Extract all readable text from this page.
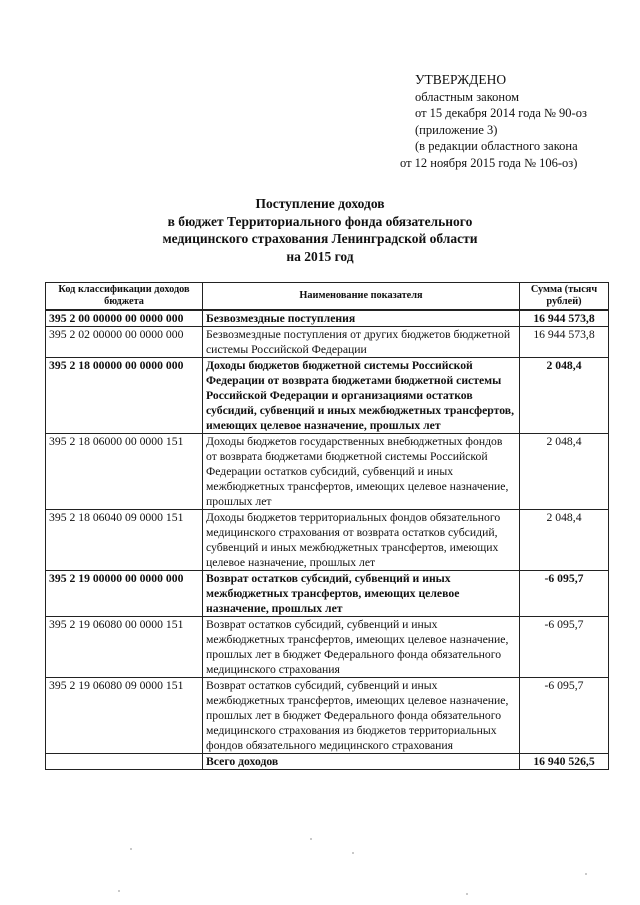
УТВЕРЖДЕНО
областным законом
от 15 декабря 2014 года № 90-оз
(приложение 3)
(в редакции областного закона
от 12 ноября 2015 года № 106-оз)
Поступление доходов
в бюджет Территориального фонда обязательного
медицинского страхования Ленинградской области
на 2015 год
Код классификации доходов бюджета	Наименование показателя	Сумма (тысяч рублей)
395 2 00 00000 00 0000 000	Безвозмездные поступления	16 944 573,8
395 2 02 00000 00 0000 000	Безвозмездные поступления от других бюджетов бюджетной системы Российской Федерации	16 944 573,8
395 2 18 00000 00 0000 000	Доходы бюджетов бюджетной системы Российской Федерации от возврата бюджетами бюджетной системы Российской Федерации и организациями остатков субсидий, субвенций и иных межбюджетных трансфертов, имеющих целевое назначение, прошлых лет	2 048,4
395 2 18 06000 00 0000 151	Доходы бюджетов государственных внебюджетных фондов от возврата бюджетами бюджетной системы Российской Федерации остатков субсидий, субвенций и иных межбюджетных трансфертов, имеющих целевое назначение, прошлых лет	2 048,4
395 2 18 06040 09 0000 151	Доходы бюджетов территориальных фондов обязательного медицинского страхования от возврата остатков субсидий, субвенций и иных межбюджетных трансфертов, имеющих целевое назначение, прошлых лет	2 048,4
395 2 19 00000 00 0000 000	Возврат остатков субсидий, субвенций и иных межбюджетных трансфертов, имеющих целевое назначение, прошлых лет	-6 095,7
395 2 19 06080 00 0000 151	Возврат остатков субсидий, субвенций и иных межбюджетных трансфертов, имеющих целевое назначение, прошлых лет в бюджет Федерального фонда обязательного медицинского страхования	-6 095,7
395 2 19 06080 09 0000 151	Возврат остатков субсидий, субвенций и иных межбюджетных трансфертов, имеющих целевое назначение, прошлых лет в бюджет Федерального фонда обязательного медицинского страхования из бюджетов территориальных фондов обязательного медицинского страхования	-6 095,7
	Всего доходов	16 940 526,5
